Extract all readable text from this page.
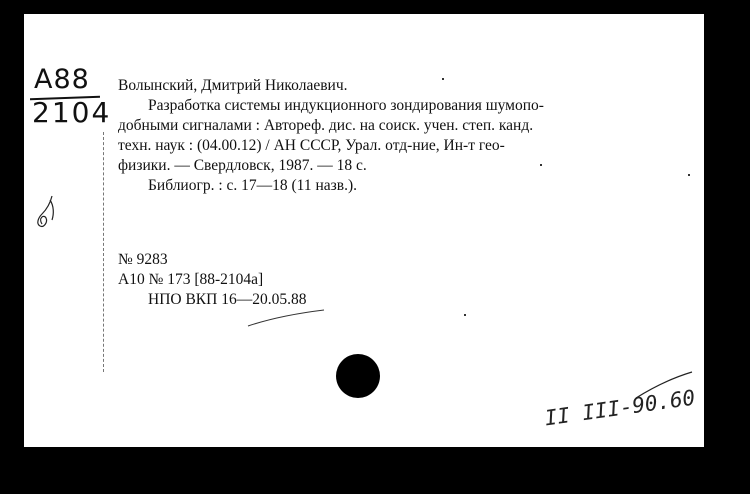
А88
2104
Волынский, Дмитрий Николаевич.
Разработка системы индукционного зондирования шумопо-
добными сигналами : Автореф. дис. на соиск. учен. степ. канд.
техн. наук : (04.00.12) / АН СССР, Урал. отд-ние, Ин-т гео-
физики. — Свердловск, 1987. — 18 с.
Библиогр. : с. 17—18 (11 назв.).
№ 9283
А10 № 173 [88-2104а]
НПО ВКП 16—20.05.88
II III-90.60
